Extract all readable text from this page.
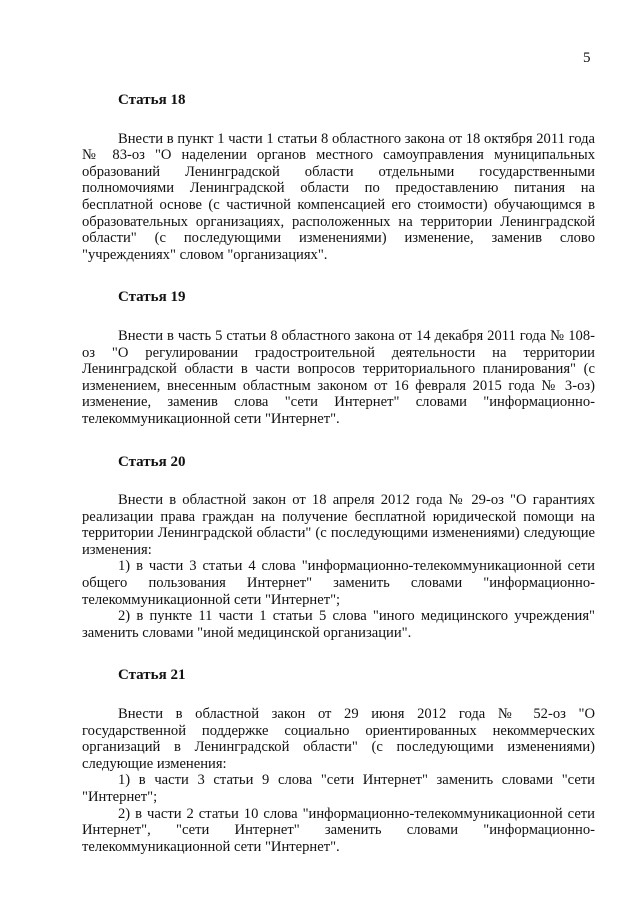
5
Статья 18

Внести в пункт 1 части 1 статьи 8 областного закона от 18 октября 2011 года № 83-оз "О наделении органов местного самоуправления муниципальных образований Ленинградской области отдельными государственными полномочиями Ленинградской области по предоставлению питания на бесплатной основе (с частичной компенсацией его стоимости) обучающимся в образовательных организациях, расположенных на территории Ленинградской области" (с последующими изменениями) изменение, заменив слово "учреждениях" словом "организациях".

Статья 19

Внести в часть 5 статьи 8 областного закона от 14 декабря 2011 года № 108-оз "О регулировании градостроительной деятельности на территории Ленинградской области в части вопросов территориального планирования" (с изменением, внесенным областным законом от 16 февраля 2015 года № 3-оз) изменение, заменив слова "сети Интернет" словами "информационно-телекоммуникационной сети "Интернет".

Статья 20

Внести в областной закон от 18 апреля 2012 года № 29-оз "О гарантиях реализации права граждан на получение бесплатной юридической помощи на территории Ленинградской области" (с последующими изменениями) следующие изменения:

1) в части 3 статьи 4 слова "информационно-телекоммуникационной сети общего пользования Интернет" заменить словами "информационно-телекоммуникационной сети "Интернет";

2) в пункте 11 части 1 статьи 5 слова "иного медицинского учреждения" заменить словами "иной медицинской организации".

Статья 21

Внести в областной закон от 29 июня 2012 года № 52-оз "О государственной поддержке социально ориентированных некоммерческих организаций в Ленинградской области" (с последующими изменениями) следующие изменения:

1) в части 3 статьи 9 слова "сети Интернет" заменить словами "сети "Интернет";

2) в части 2 статьи 10 слова "информационно-телекоммуникационной сети Интернет", "сети Интернет" заменить словами "информационно-телекоммуникационной сети "Интернет".
